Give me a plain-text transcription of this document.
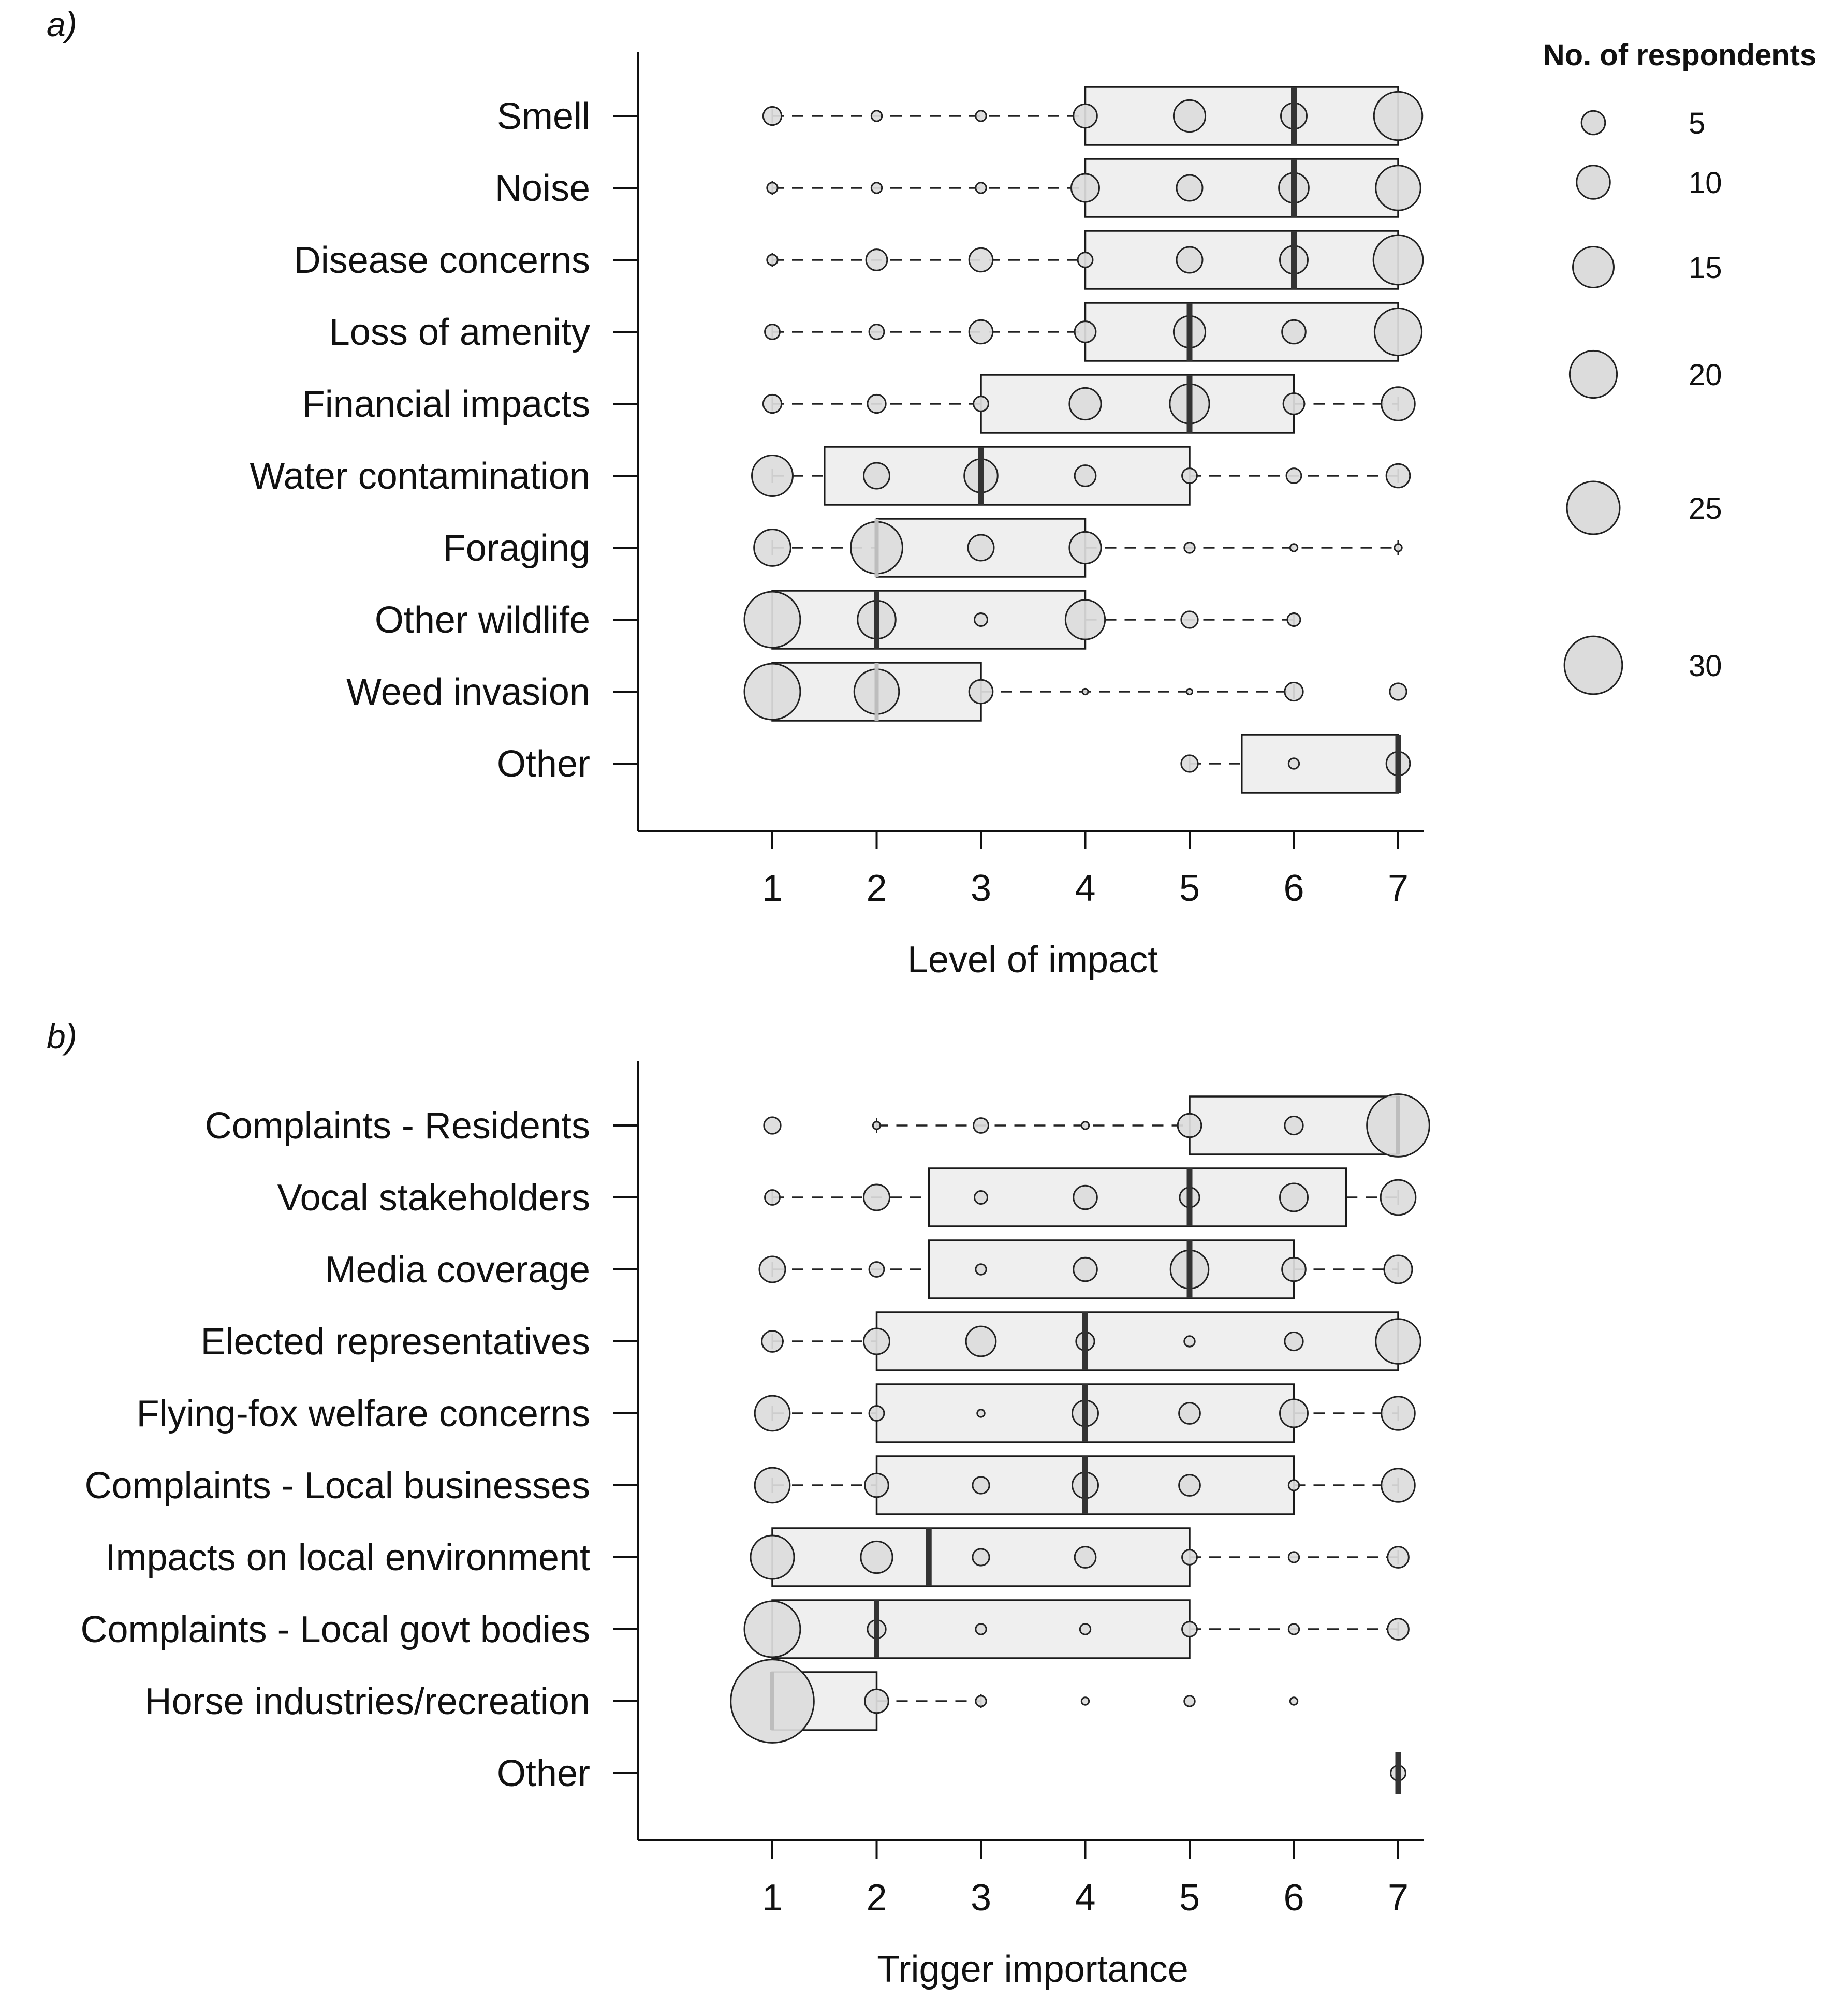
a)
Smell
Noise
Disease concerns
Loss of amenity
Financial impacts
Water contamination
Foraging
Other wildlife
Weed invasion
Other
1 2 3 4 5 6 7
Level of impact
b)
Complaints - Residents
Vocal stakeholders
Media coverage
Elected representatives
Flying-fox welfare concerns
Complaints - Local businesses
Impacts on local environment
Complaints - Local govt bodies
Horse industries/recreation
Other
1 2 3 4 5 6 7
Trigger importance
No. of respondents
5
10
15
20
25
30
